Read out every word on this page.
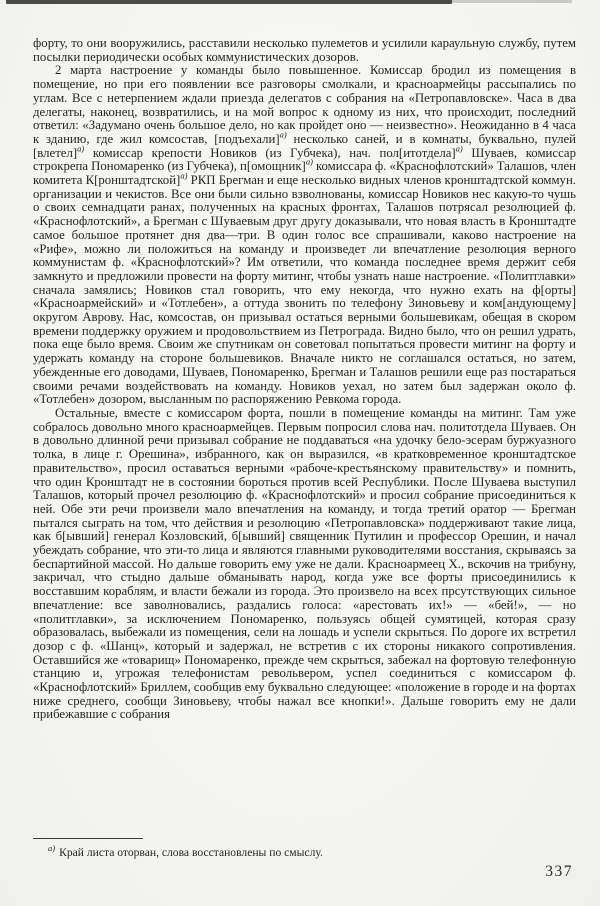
форту, то они вооружились, расставили несколько пулеметов и усилили караульную службу, путем посылки периодически особых коммунистических дозоров.

2 марта настроение у команды было повышенное. Комиссар бродил из помещения в помещение, но при его появлении все разговоры смолкали, и красноармейцы рассыпались по углам. Все с нетерпением ждали приезда делегатов с собрания на «Петропавловске». Часа в два делегаты, наконец, возвратились, и на мой вопрос к одному из них, что происходит, последний ответил: «Задумано очень большое дело, но как пройдет оно — неизвестно». Неожиданно в 4 часа к зданию, где жил комсостав, [подъехали]$^{а)}$ несколько саней, и в комнаты, буквально, пулей [влетел]$^{а)}$ комиссар крепости Новиков (из Губчека), нач. пол[итотдела]$^{а)}$ Шуваев, комиссар строкрепа Пономаренко (из Губчека), п[омощник]$^{а)}$ комиссара ф. «Краснофлотский» Талашов, член комитета К[ронштадтской]$^{а)}$ РКП Брегман и еще несколько видных членов кронштадтской коммун. организации и чекистов. Все они были сильно взволнованы, комиссар Новиков нес какую-то чушь о своих семнадцати ранах, полученных на красных фронтах, Талашов потрясал резолюцией ф. «Краснофлотский», а Брегман с Шуваевым друг другу доказывали, что новая власть в Кронштадте самое большое протянет дня два—три. В один голос все спрашивали, каково настроение на «Рифе», можно ли положиться на команду и произведет ли впечатление резолюция верного коммунистам ф. «Краснофлотский»? Им ответили, что команда последнее время держит себя замкнуто и предложили провести на форту митинг, чтобы узнать наше настроение. «Политглавки» сначала замялись; Новиков стал говорить, что ему некогда, что нужно ехать на ф[орты] «Красноармейский» и «Тотлебен», а оттуда звонить по телефону Зиновьеву и ком[андующему] округом Аврову. Нас, комсостав, он призывал остаться верными большевикам, обещая в скором времени поддержку оружием и продовольствием из Петрограда. Видно было, что он решил удрать, пока еще было время. Своим же спутникам он советовал попытаться провести митинг на форту и удержать команду на стороне большевиков. Вначале никто не соглашался остаться, но затем, убежденные его доводами, Шуваев, Пономаренко, Брегман и Талашов решили еще раз постараться своими речами воздействовать на команду. Новиков уехал, но затем был задержан около ф. «Тотлебен» дозором, высланным по распоряжению Ревкома города.

Остальные, вместе с комиссаром форта, пошли в помещение команды на митинг. Там уже собралось довольно много красноармейцев. Первым попросил слова нач. политотдела Шуваев. Он в довольно длинной речи призывал собрание не поддаваться «на удочку бело-эсерам буржуазного толка, в лице г. Орешина», избранного, как он выразился, «в кратковременное кронштадтское правительство», просил оставаться верными «рабоче-крестьянскому правительству» и помнить, что один Кронштадт не в состоянии бороться против всей Республики. После Шуваева выступил Талашов, который прочел резолюцию ф. «Краснофлотский» и просил собрание присоединиться к ней. Обе эти речи произвели мало впечатления на команду, и тогда третий оратор — Брегман пытался сыграть на том, что действия и резолюцию «Петропавловска» поддерживают такие лица, как б[ывший] генерал Козловский, б[ывший] священник Путилин и профессор Орешин, и начал убеждать собрание, что эти-то лица и являются главными руководителями восстания, скрываясь за беспартийной массой. Но дальше говорить ему уже не дали. Красноармеец Х., вскочив на трибуну, закричал, что стыдно дальше обманывать народ, когда уже все форты присоединились к восставшим кораблям, и власти бежали из города. Это произвело на всех прсутствующих сильное впечатление: все заволновались, раздались голоса: «арестовать их!» — «бей!», — но «политглавки», за исключением Пономаренко, пользуясь общей сумятицей, которая сразу образовалась, выбежали из помещения, сели на лошадь и успели скрыться. По дороге их встретил дозор с ф. «Шанц», который и задержал, не встретив с их стороны никакого сопротивления. Оставшийся же «товарищ» Пономаренко, прежде чем скрыться, забежал на фортовую телефонную станцию и, угрожая телефонистам револьвером, успел соединиться с комиссаром ф. «Краснофлотский» Бриллем, сообщив ему буквально следующее: «положение в городе и на фортах ниже среднего, сообщи Зиновьеву, чтобы нажал все кнопки!». Дальше говорить ему не дали прибежавшие с собрания

$^{а)}$ Край листа оторван, слова восстановлены по смыслу.
337
